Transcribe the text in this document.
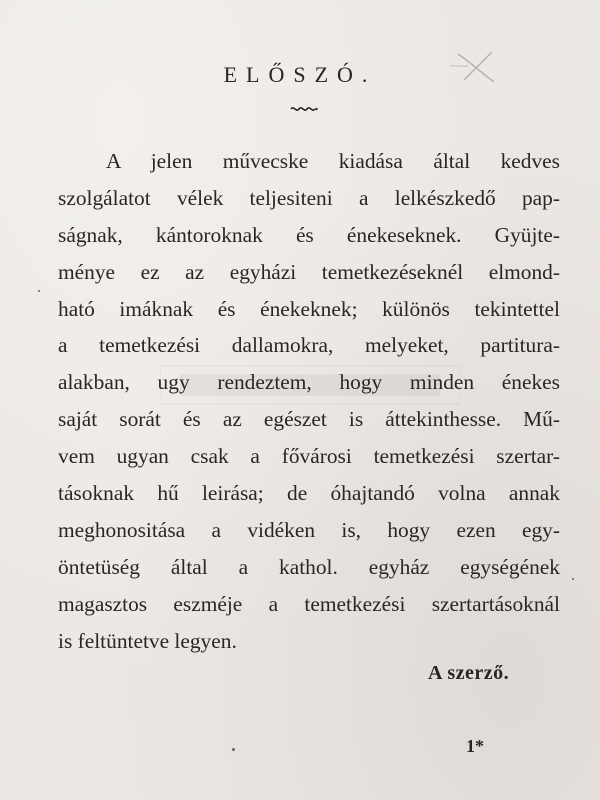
ELŐSZÓ.
A jelen művecske kiadása által kedves
szolgálatot vélek teljesiteni a lelkészkedő pap-
ságnak, kántoroknak és énekeseknek. Gyüjte-
ménye ez az egyházi temetkezéseknél elmond-
ható imáknak és énekeknek; különös tekintettel
a temetkezési dallamokra, melyeket, partitura-
alakban, ugy rendeztem, hogy minden énekes
saját sorát és az egészet is áttekinthesse. Mű-
vem ugyan csak a fővárosi temetkezési szertar-
tásoknak hű leirása; de óhajtandó volna annak
meghonositása a vidéken is, hogy ezen egy-
öntetüség által a kathol. egyház egységének
magasztos eszméje a temetkezési szertartásoknál
is feltüntetve legyen.
A szerző.
1*
